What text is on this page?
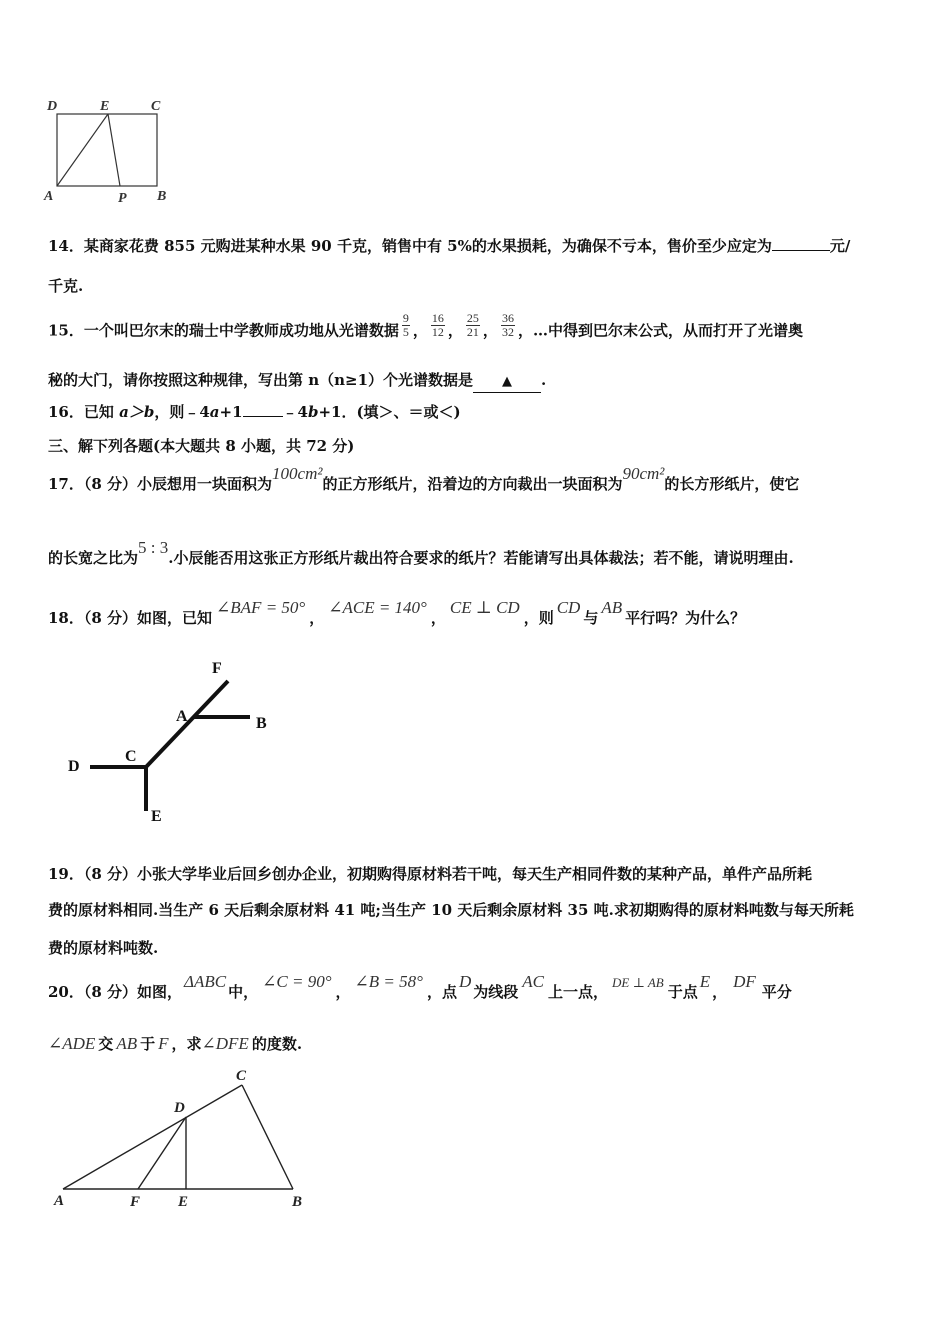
D	E	C
A	P B
14．某商家花费 855 元购进某种水果 90 千克，销售中有 5%的水果损耗，为确保不亏本，售价至少应定为	元/
千克.
15．一个叫巴尔末的瑞士中学教师成功地从光谱数据 $\frac{9}{5}$ ， $\frac{16}{12}$ ， $\frac{25}{21}$ ， $\frac{36}{32}$ ，…中得到巴尔末公式，从而打开了光谱奥
秘的大门，请你按照这种规律，写出第 n（n≥1）个光谱数据是 ▲ .
16．已知 a＞b，则﹣4a+1	﹣4b+1．(填＞、＝或＜)
三、解下列各题(本大题共 8 小题，共 72 分)
17．（8 分）小辰想用一块面积为100cm²的正方形纸片，沿着边的方向裁出一块面积为90cm²的长方形纸片，使它
的长宽之比为5 : 3.小辰能否用这张正方形纸片裁出符合要求的纸片？若能请写出具体裁法；若不能，请说明理由.
18．（8 分）如图，已知∠BAF = 50°，∠ACE = 140°，CE ⊥ CD，则CD与AB平行吗？为什么？
F
A	B
C
D
E
19．（8 分）小张大学毕业后回乡创办企业，初期购得原材料若干吨，每天生产相同件数的某种产品，单件产品所耗
费的原材料相同.当生产 6 天后剩余原材料 41 吨;当生产 10 天后剩余原材料 35 吨.求初期购得的原材料吨数与每天所耗
费的原材料吨数.
20．（8 分）如图，ΔABC中，∠C = 90°，∠B = 58°，点D为线段AC上一点，DE ⊥ AB于点E，DF平分
∠ADE 交 AB 于 F ，求∠DFE 的度数.
C
D
A	F	E	B
